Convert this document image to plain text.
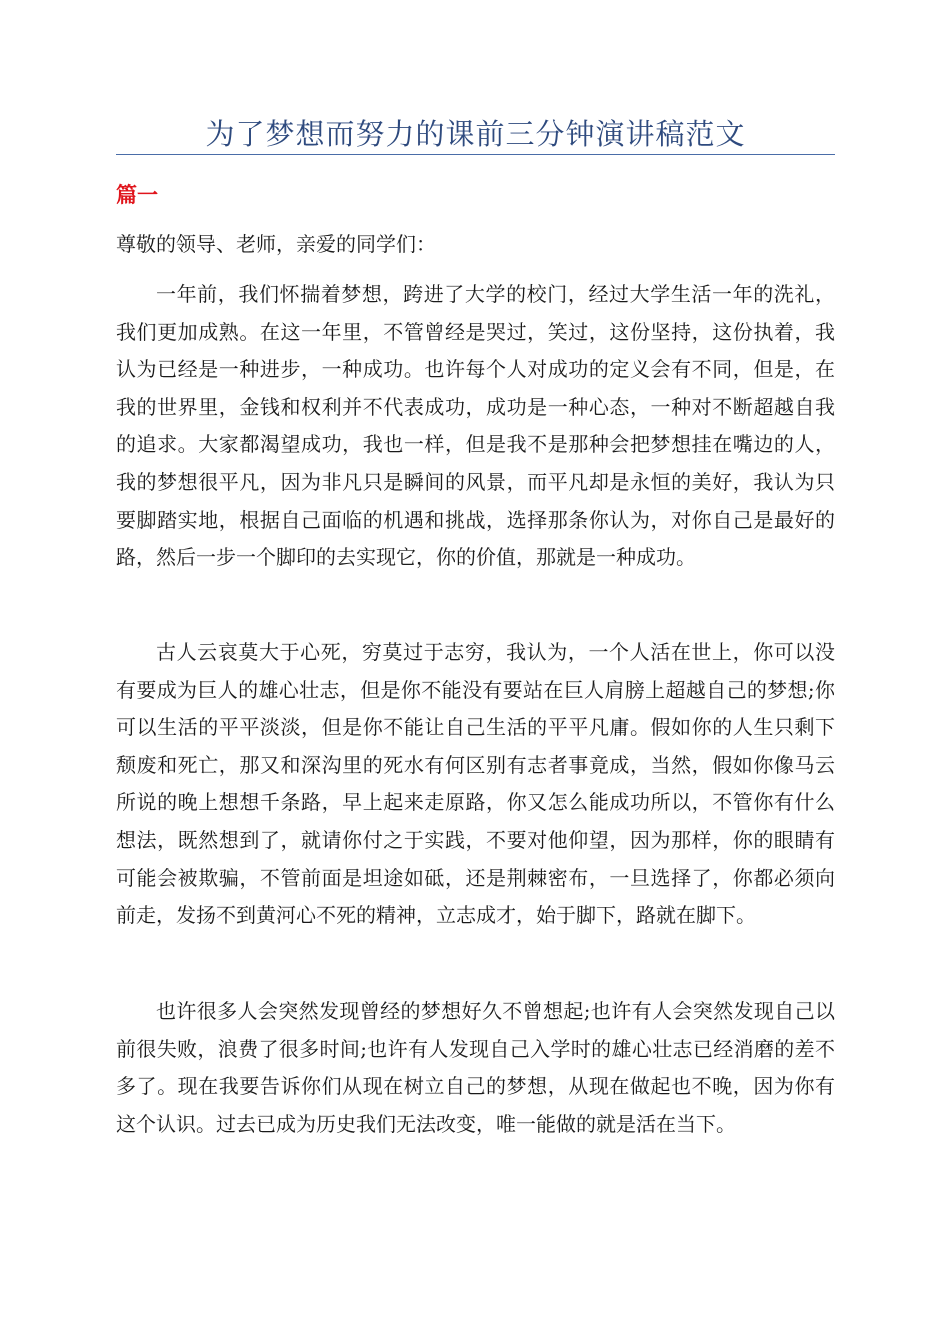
为了梦想而努力的课前三分钟演讲稿范文
篇一

尊敬的领导、老师，亲爱的同学们：

一年前，我们怀揣着梦想，跨进了大学的校门，经过大学生活一年的洗礼，我们更加成熟。在这一年里，不管曾经是哭过，笑过，这份坚持，这份执着，我认为已经是一种进步，一种成功。也许每个人对成功的定义会有不同，但是，在我的世界里，金钱和权利并不代表成功，成功是一种心态，一种对不断超越自我的追求。大家都渴望成功，我也一样，但是我不是那种会把梦想挂在嘴边的人，我的梦想很平凡，因为非凡只是瞬间的风景，而平凡却是永恒的美好，我认为只要脚踏实地，根据自己面临的机遇和挑战，选择那条你认为，对你自己是最好的路，然后一步一个脚印的去实现它，你的价值，那就是一种成功。

古人云哀莫大于心死，穷莫过于志穷，我认为，一个人活在世上，你可以没有要成为巨人的雄心壮志，但是你不能没有要站在巨人肩膀上超越自己的梦想;你可以生活的平平淡淡，但是你不能让自己生活的平平凡庸。假如你的人生只剩下颓废和死亡，那又和深沟里的死水有何区别有志者事竟成，当然，假如你像马云所说的晚上想想千条路，早上起来走原路，你又怎么能成功所以，不管你有什么想法，既然想到了，就请你付之于实践，不要对他仰望，因为那样，你的眼睛有可能会被欺骗，不管前面是坦途如砥，还是荆棘密布，一旦选择了，你都必须向前走，发扬不到黄河心不死的精神，立志成才，始于脚下，路就在脚下。

也许很多人会突然发现曾经的梦想好久不曾想起;也许有人会突然发现自己以前很失败，浪费了很多时间;也许有人发现自己入学时的雄心壮志已经消磨的差不多了。现在我要告诉你们从现在树立自己的梦想，从现在做起也不晚，因为你有这个认识。过去已成为历史我们无法改变，唯一能做的就是活在当下。
